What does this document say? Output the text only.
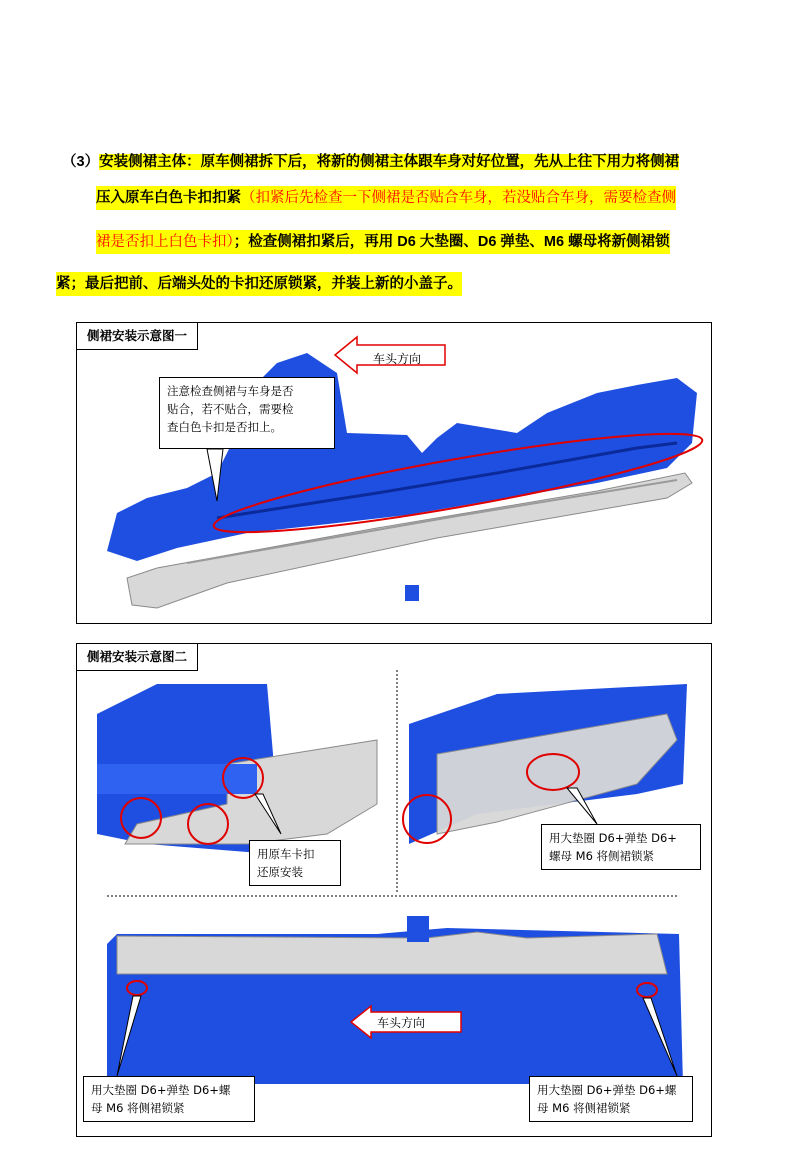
（3）安装侧裙主体：原车侧裙拆下后，将新的侧裙主体跟车身对好位置，先从上往下用力将侧裙
压入原车白色卡扣扣紧（扣紧后先检查一下侧裙是否贴合车身，若没贴合车身，需要检查侧
裙是否扣上白色卡扣）；检查侧裙扣紧后，再用 D6 大垫圈、D6 弹垫、M6 螺母将新侧裙锁
紧；最后把前、后端头处的卡扣还原锁紧，并装上新的小盖子。
侧裙安装示意图一
车头方向
注意检查侧裙与车身是否
贴合，若不贴合，需要检
查白色卡扣是否扣上。
侧裙安装示意图二
用原车卡扣
还原安装
用大垫圈 D6+弹垫 D6+
螺母 M6 将侧裙锁紧
车头方向
用大垫圈 D6+弹垫 D6+螺
母 M6 将侧裙锁紧
用大垫圈 D6+弹垫 D6+螺
母 M6 将侧裙锁紧
